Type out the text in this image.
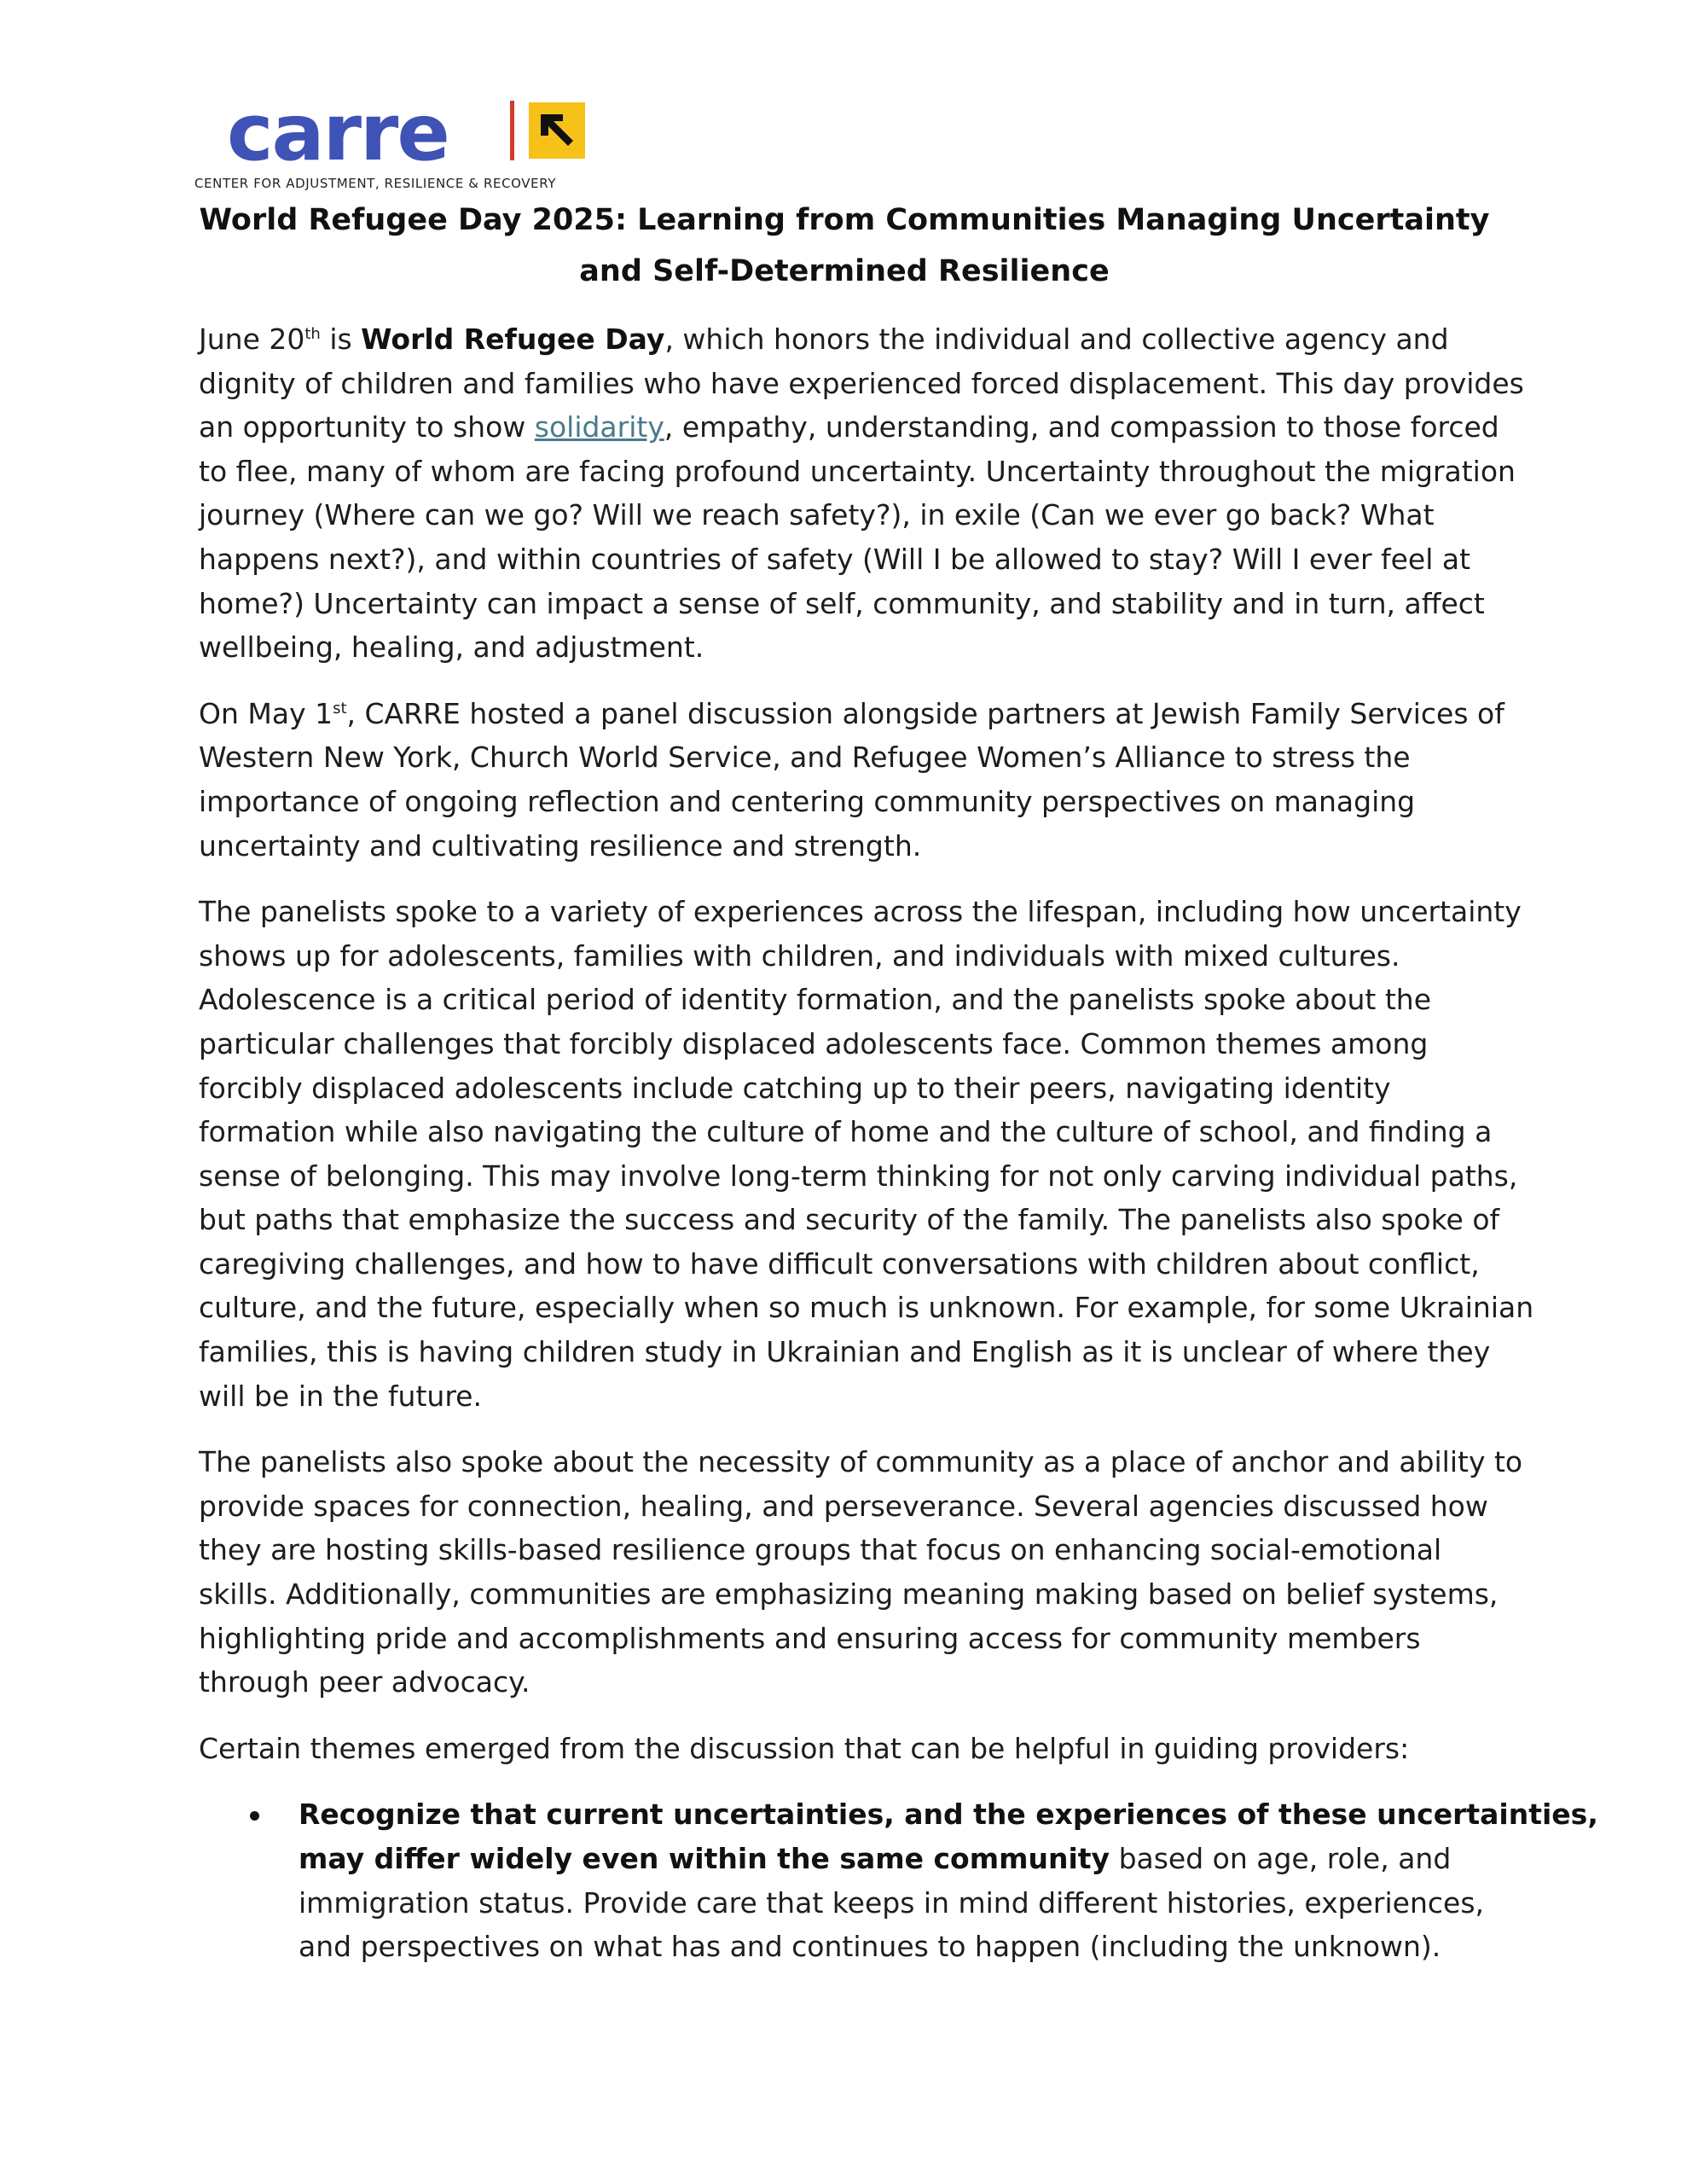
carre
CENTER FOR ADJUSTMENT, RESILIENCE & RECOVERY
World Refugee Day 2025: Learning from Communities Managing Uncertainty
and Self-Determined Resilience

June 20th is World Refugee Day, which honors the individual and collective agency and
dignity of children and families who have experienced forced displacement. This day provides
an opportunity to show solidarity, empathy, understanding, and compassion to those forced
to flee, many of whom are facing profound uncertainty. Uncertainty throughout the migration
journey (Where can we go? Will we reach safety?), in exile (Can we ever go back? What
happens next?), and within countries of safety (Will I be allowed to stay? Will I ever feel at
home?) Uncertainty can impact a sense of self, community, and stability and in turn, affect
wellbeing, healing, and adjustment.

On May 1st, CARRE hosted a panel discussion alongside partners at Jewish Family Services of
Western New York, Church World Service, and Refugee Women’s Alliance to stress the
importance of ongoing reflection and centering community perspectives on managing
uncertainty and cultivating resilience and strength.

The panelists spoke to a variety of experiences across the lifespan, including how uncertainty
shows up for adolescents, families with children, and individuals with mixed cultures.
Adolescence is a critical period of identity formation, and the panelists spoke about the
particular challenges that forcibly displaced adolescents face. Common themes among
forcibly displaced adolescents include catching up to their peers, navigating identity
formation while also navigating the culture of home and the culture of school, and finding a
sense of belonging. This may involve long-term thinking for not only carving individual paths,
but paths that emphasize the success and security of the family. The panelists also spoke of
caregiving challenges, and how to have difficult conversations with children about conflict,
culture, and the future, especially when so much is unknown. For example, for some Ukrainian
families, this is having children study in Ukrainian and English as it is unclear of where they
will be in the future.

The panelists also spoke about the necessity of community as a place of anchor and ability to
provide spaces for connection, healing, and perseverance. Several agencies discussed how
they are hosting skills-based resilience groups that focus on enhancing social-emotional
skills. Additionally, communities are emphasizing meaning making based on belief systems,
highlighting pride and accomplishments and ensuring access for community members
through peer advocacy.

Certain themes emerged from the discussion that can be helpful in guiding providers:

Recognize that current uncertainties, and the experiences of these uncertainties,
may differ widely even within the same community based on age, role, and
immigration status. Provide care that keeps in mind different histories, experiences,
and perspectives on what has and continues to happen (including the unknown).
